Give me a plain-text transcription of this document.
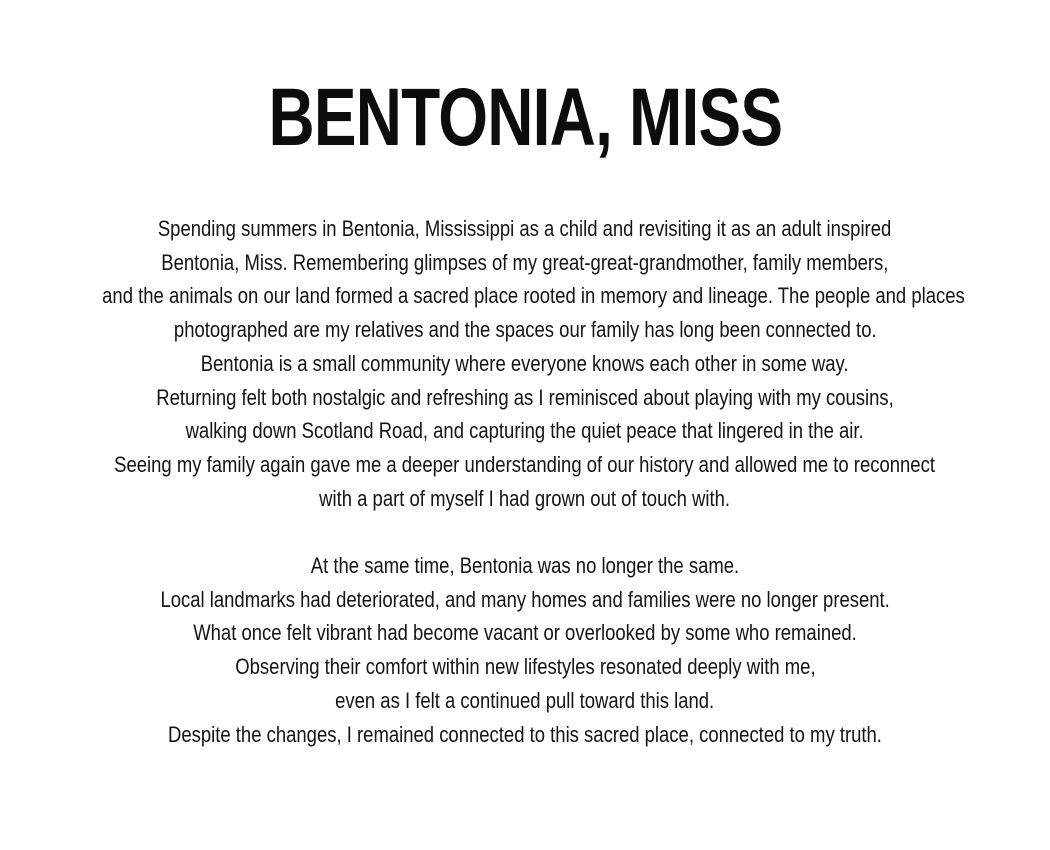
BENTONIA, MISS
Spending summers in Bentonia, Mississippi as a child and revisiting it as an adult inspired
Bentonia, Miss. Remembering glimpses of my great-great-grandmother, family members,
and the animals on our land formed a sacred place rooted in memory and lineage. The people and places
photographed are my relatives and the spaces our family has long been connected to.
Bentonia is a small community where everyone knows each other in some way.
Returning felt both nostalgic and refreshing as I reminisced about playing with my cousins,
walking down Scotland Road, and capturing the quiet peace that lingered in the air.
Seeing my family again gave me a deeper understanding of our history and allowed me to reconnect
with a part of myself I had grown out of touch with.
At the same time, Bentonia was no longer the same.
Local landmarks had deteriorated, and many homes and families were no longer present.
What once felt vibrant had become vacant or overlooked by some who remained.
Observing their comfort within new lifestyles resonated deeply with me,
even as I felt a continued pull toward this land.
Despite the changes, I remained connected to this sacred place, connected to my truth.
